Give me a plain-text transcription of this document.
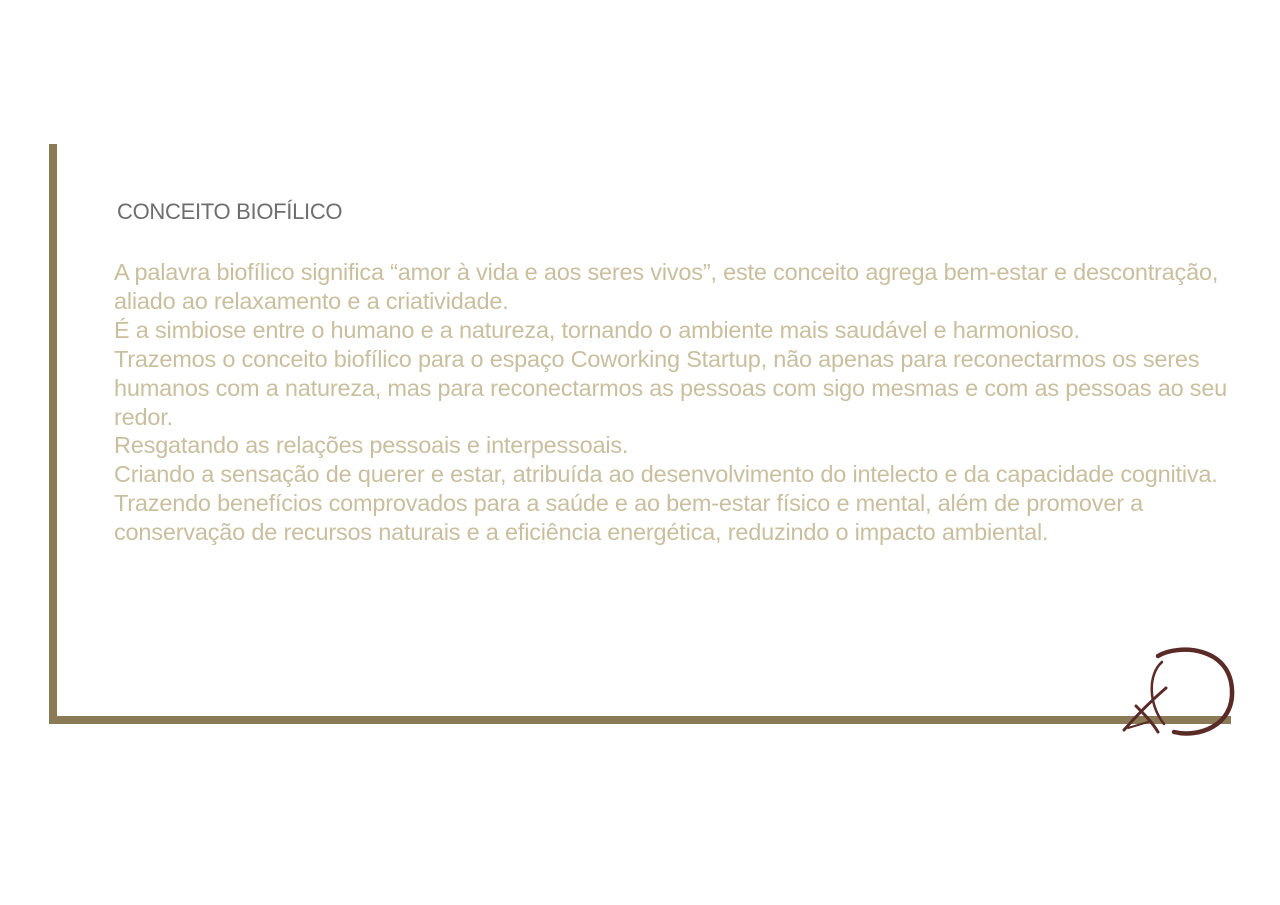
CONCEITO BIOFÍLICO

A palavra biofílico significa “amor à vida e aos seres vivos”, este conceito agrega bem-estar e descontração, aliado ao relaxamento e a criatividade.

É a simbiose entre o humano e a natureza, tornando o ambiente mais saudável e harmonioso.

Trazemos o conceito biofílico para o espaço Coworking Startup, não apenas para reconectarmos os seres humanos com a natureza, mas para reconectarmos as pessoas com sigo mesmas e com as pessoas ao seu redor.

Resgatando as relações pessoais e interpessoais.

Criando a sensação de querer e estar, atribuída ao desenvolvimento do intelecto e da capacidade cognitiva.

Trazendo benefícios comprovados para a saúde e ao bem-estar físico e mental, além de promover a conservação de recursos naturais e a eficiência energética, reduzindo o impacto ambiental.
